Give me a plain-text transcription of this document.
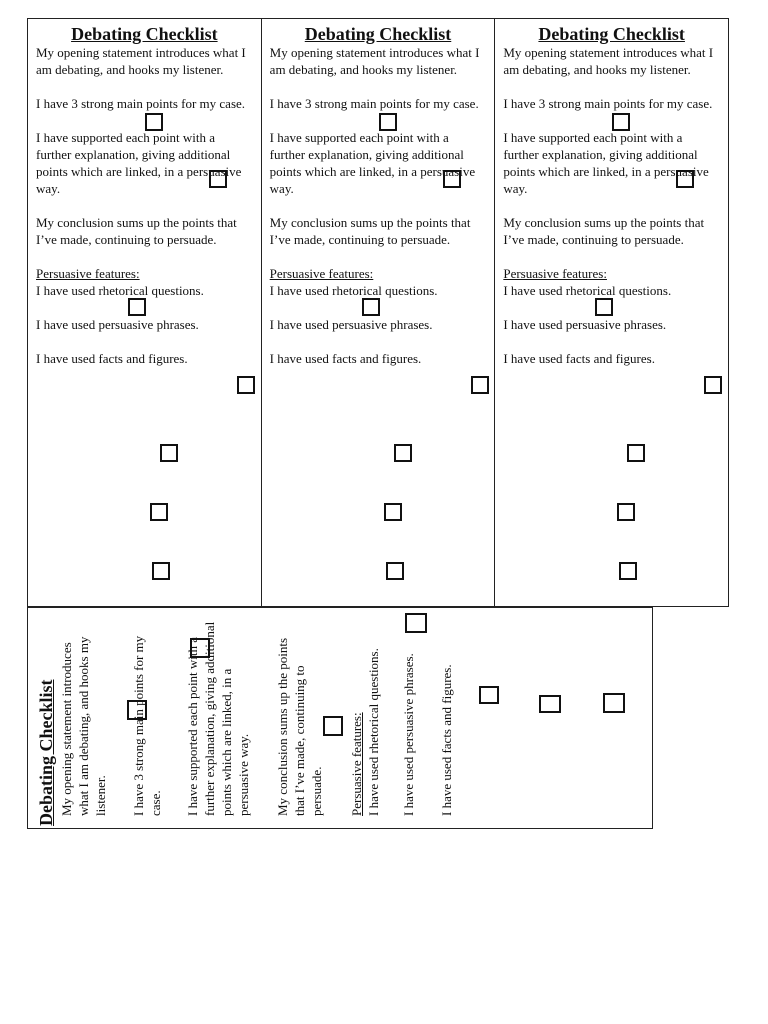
Debating Checklist

My opening statement introduces what I am debating, and hooks my listener.

I have 3 strong main points for my case.

I have supported each point with a further explanation, giving additional points which are linked, in a persuasive way.

My conclusion sums up the points that I’ve made, continuing to persuade.

Persuasive features:

I have used rhetorical questions.

I have used persuasive phrases.

I have used facts and figures.

Debating Checklist

My opening statement introduces what I am debating, and hooks my listener.

I have 3 strong main points for my case.

I have supported each point with a further explanation, giving additional points which are linked, in a persuasive way.

My conclusion sums up the points that I’ve made, continuing to persuade.

Persuasive features:

I have used rhetorical questions.

I have used persuasive phrases.

I have used facts and figures.

Debating Checklist

My opening statement introduces what I am debating, and hooks my listener.

I have 3 strong main points for my case.

I have supported each point with a further explanation, giving additional points which are linked, in a persuasive way.

My conclusion sums up the points that I’ve made, continuing to persuade.

Persuasive features:

I have used rhetorical questions.

I have used persuasive phrases.

I have used facts and figures.

Debating Checklist My opening statement introduces what I am debating, and hooks my listener. I have 3 strong main points for my case. I have supported each point with a further explanation, giving additional points which are linked, in a persuasive way. My conclusion sums up the points that I’ve made, continuing to persuade. Persuasive features: I have used rhetorical questions. I have used persuasive phrases. I have used facts and figures.
